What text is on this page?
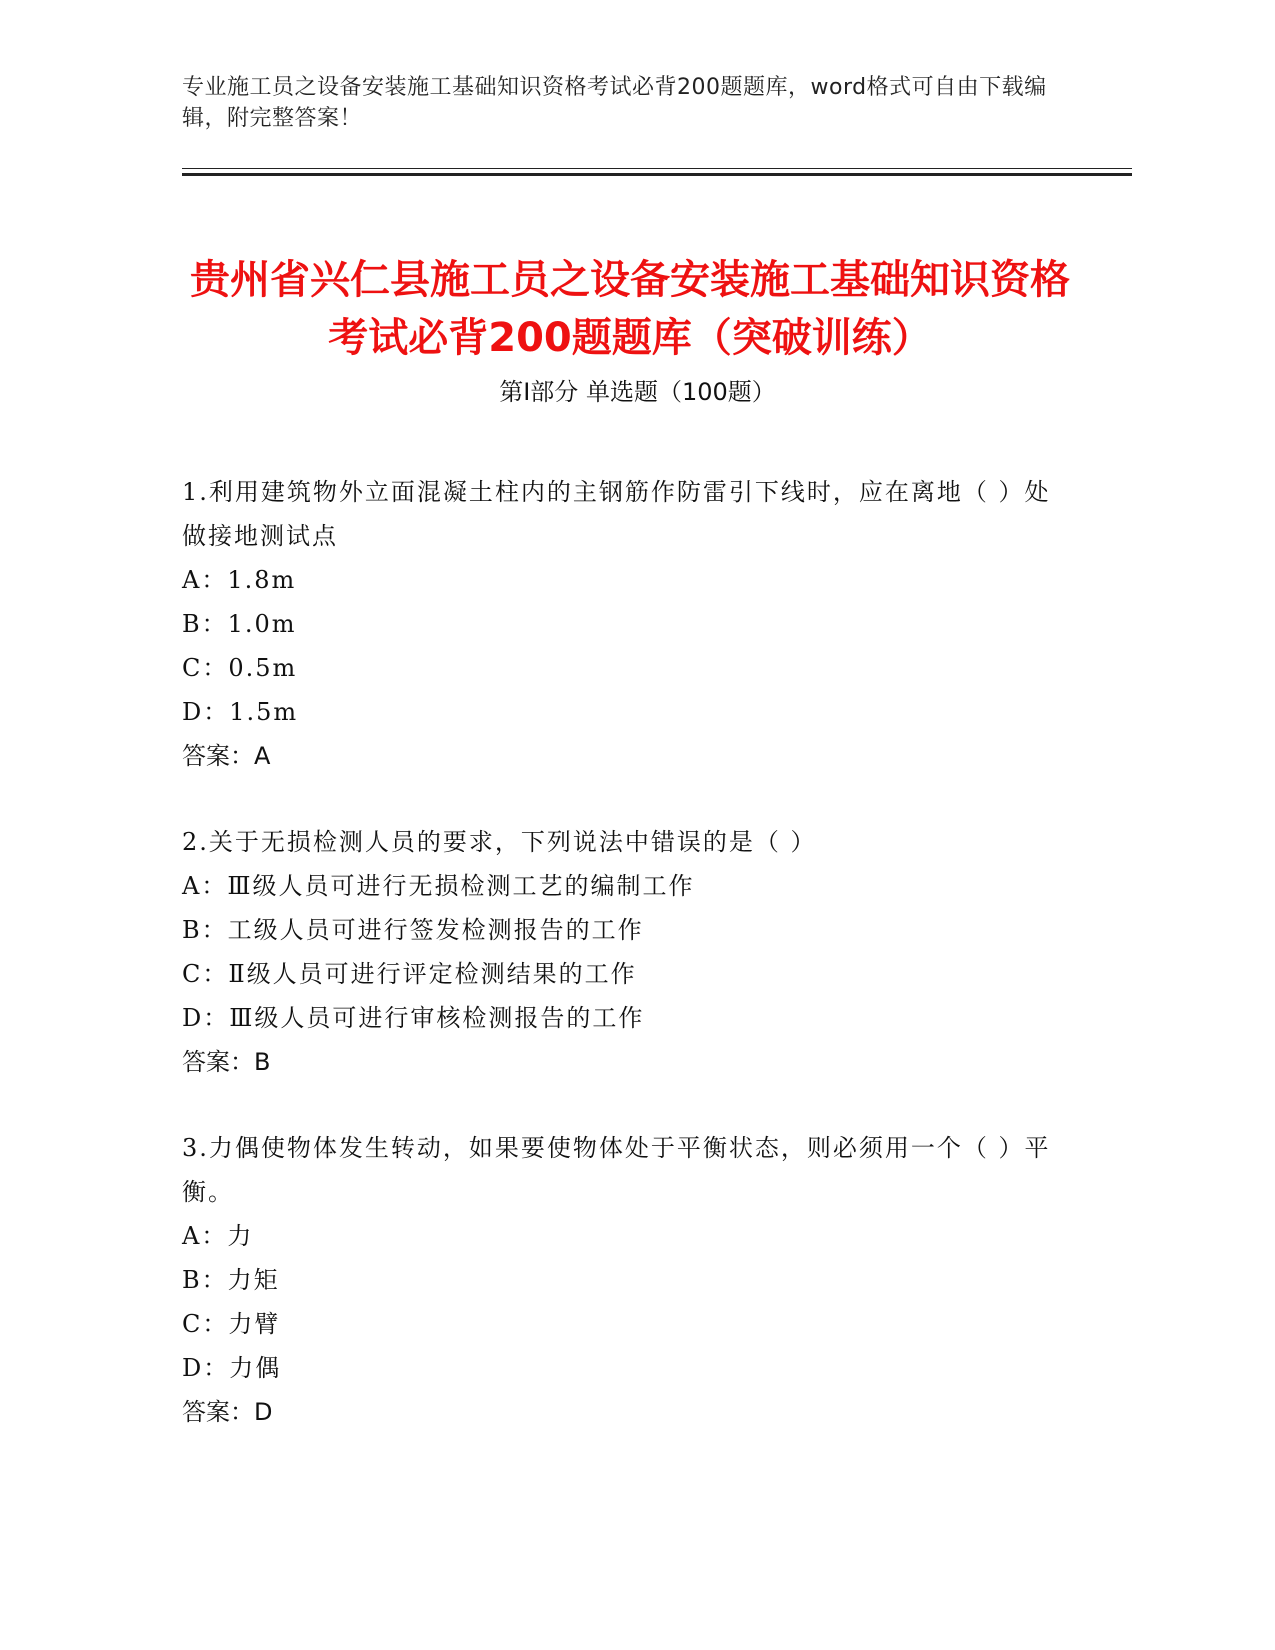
专业施工员之设备安装施工基础知识资格考试必背200题题库，word格式可自由下载编辑，附完整答案！
贵州省兴仁县施工员之设备安装施工基础知识资格考试必背200题题库（突破训练）
第Ⅰ部分 单选题（100题）

1.利用建筑物外立面混凝土柱内的主钢筋作防雷引下线时，应在离地（ ）处做接地测试点

A：1.8m

B：1.0m

C：0.5m

D：1.5m

答案：A

2.关于无损检测人员的要求，下列说法中错误的是（ ）

A：Ⅲ级人员可进行无损检测工艺的编制工作

B：工级人员可进行签发检测报告的工作

C：Ⅱ级人员可进行评定检测结果的工作

D：Ⅲ级人员可进行审核检测报告的工作

答案：B

3.力偶使物体发生转动，如果要使物体处于平衡状态，则必须用一个（ ）平衡。

A：力

B：力矩

C：力臂

D：力偶

答案：D
